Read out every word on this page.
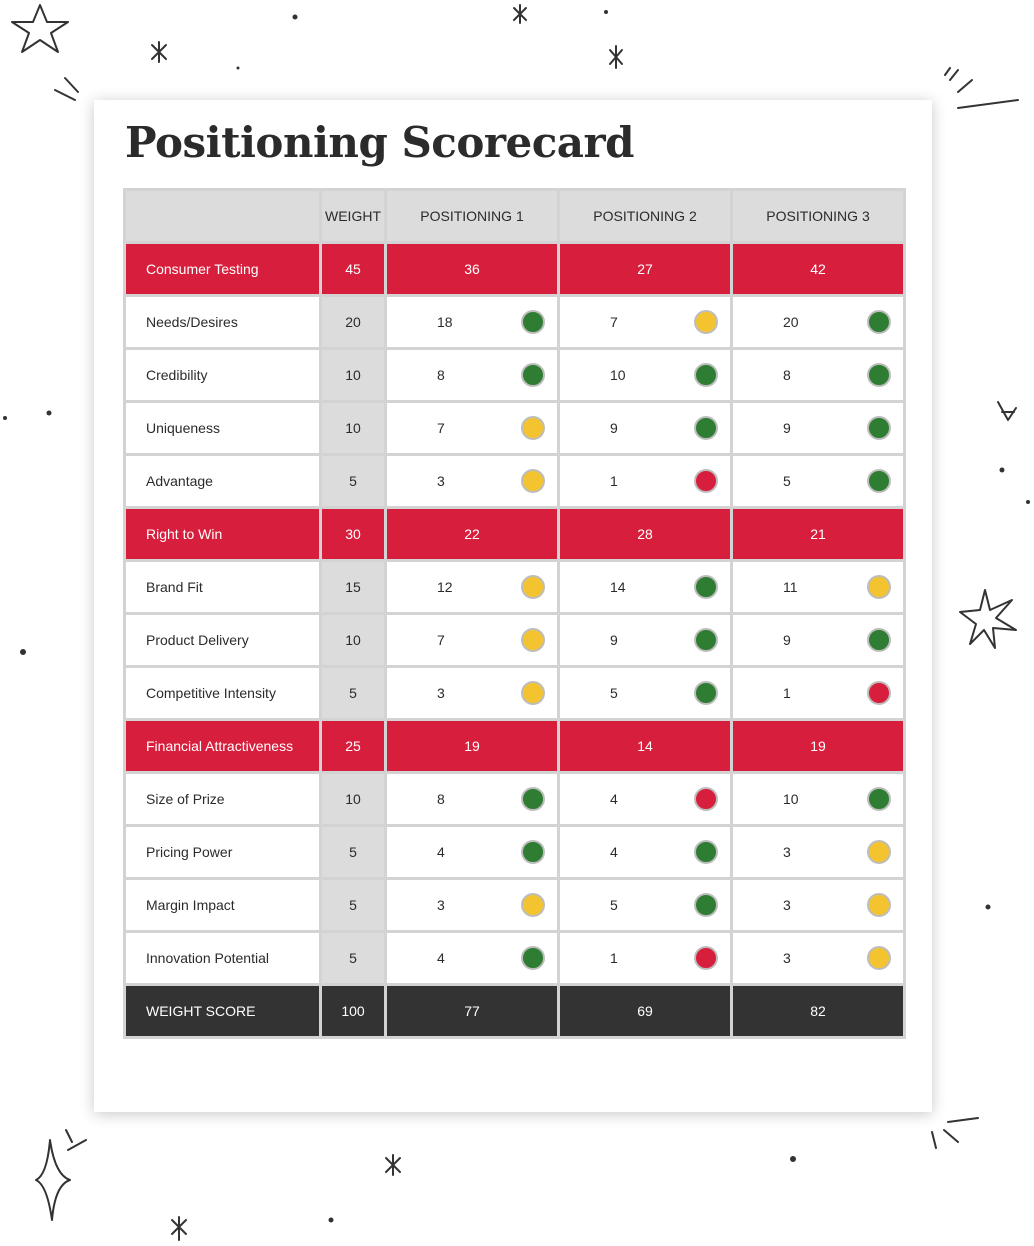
Positioning Scorecard
	WEIGHT	POSITIONING 1	POSITIONING 2	POSITIONING 3
Consumer Testing	45	36	27	42
Needs/Desires	20	18	7	20

Credibility	10	8	10	8

Uniqueness	10	7	9	9

Advantage	5	3	1	5

Right to Win	30	22	28	21
Brand Fit	15	12	14	11

Product Delivery	10	7	9	9

Competitive Intensity	5	3	5	1

Financial Attractiveness	25	19	14	19
Size of Prize	10	8	4	10

Pricing Power	5	4	4	3

Margin Impact	5	3	5	3

Innovation Potential	5	4	1	3

WEIGHT SCORE	100	77	69	82
